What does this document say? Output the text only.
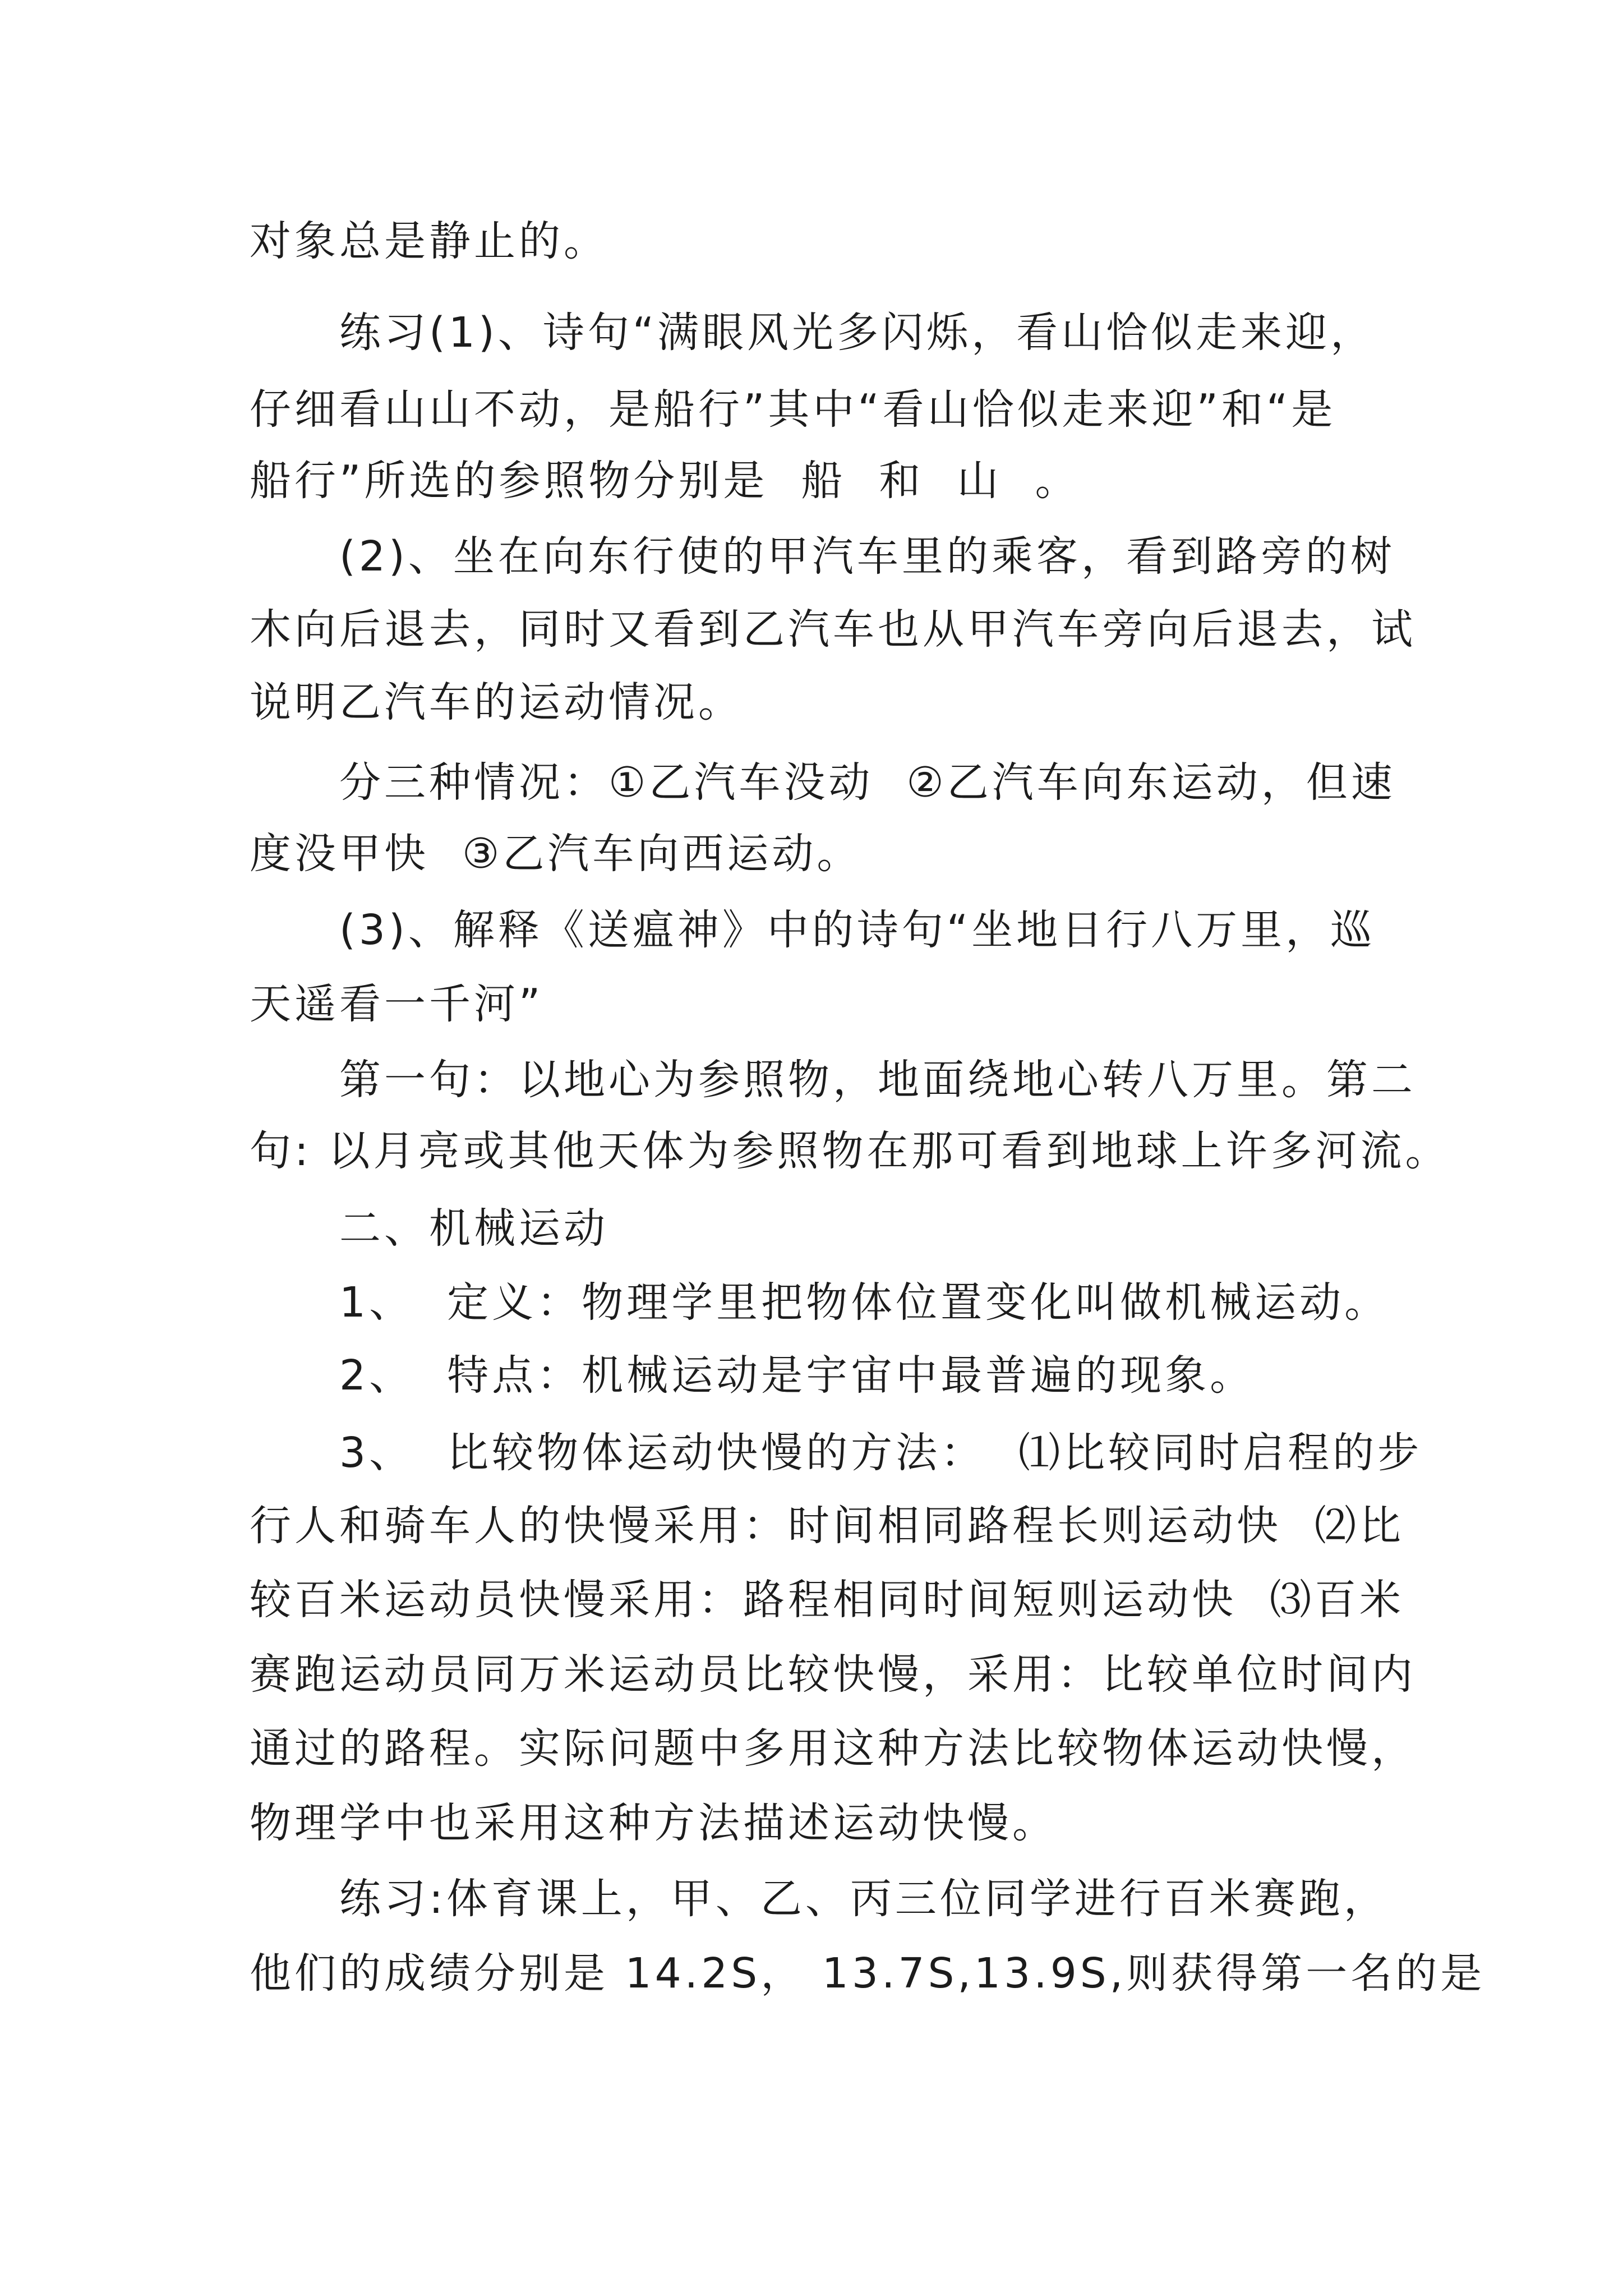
对象总是静止的。
练习(1)、诗句“满眼风光多闪烁，看山恰似走来迎，
仔细看山山不动，是船行”其中“看山恰似走来迎”和“是
船行”所选的参照物分别是  船  和  山  。
(2)、坐在向东行使的甲汽车里的乘客，看到路旁的树
木向后退去，同时又看到乙汽车也从甲汽车旁向后退去，试
说明乙汽车的运动情况。
分三种情况：①乙汽车没动  ②乙汽车向东运动，但速
度没甲快  ③乙汽车向西运动。
(3)、解释《送瘟神》中的诗句“坐地日行八万里，巡
天遥看一千河”
第一句：以地心为参照物，地面绕地心转八万里。第二
句: 以月亮或其他天体为参照物在那可看到地球上许多河流。
二、机械运动
1、  定义：物理学里把物体位置变化叫做机械运动。
2、  特点：机械运动是宇宙中最普遍的现象。
3、  比较物体运动快慢的方法：  ⑴比较同时启程的步
行人和骑车人的快慢采用：时间相同路程长则运动快  ⑵比
较百米运动员快慢采用：路程相同时间短则运动快  ⑶百米
赛跑运动员同万米运动员比较快慢，采用：比较单位时间内
通过的路程。实际问题中多用这种方法比较物体运动快慢，
物理学中也采用这种方法描述运动快慢。
练习:体育课上，甲、乙、丙三位同学进行百米赛跑，
他们的成绩分别是 14.2S， 13.7S,13.9S,则获得第一名的是
